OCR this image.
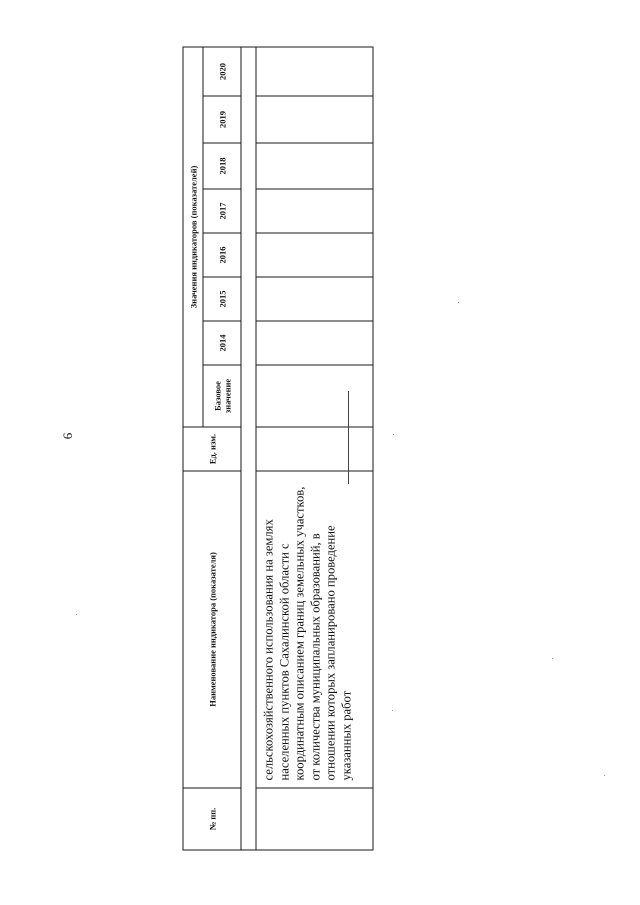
6
№ пп.	Наименование индикатора (показателя)	Ед. изм.	Значения индикаторов (показателей)							
			Базовое значение	2014	2015	2016	2017	2018	2019	2020

	сельскохозяйственного использования на землях населенных пунктов Сахалинской области с координатным описанием границ земельных участков, от количества муниципальных образований, в отношении которых запланировано проведение указанных работ									
